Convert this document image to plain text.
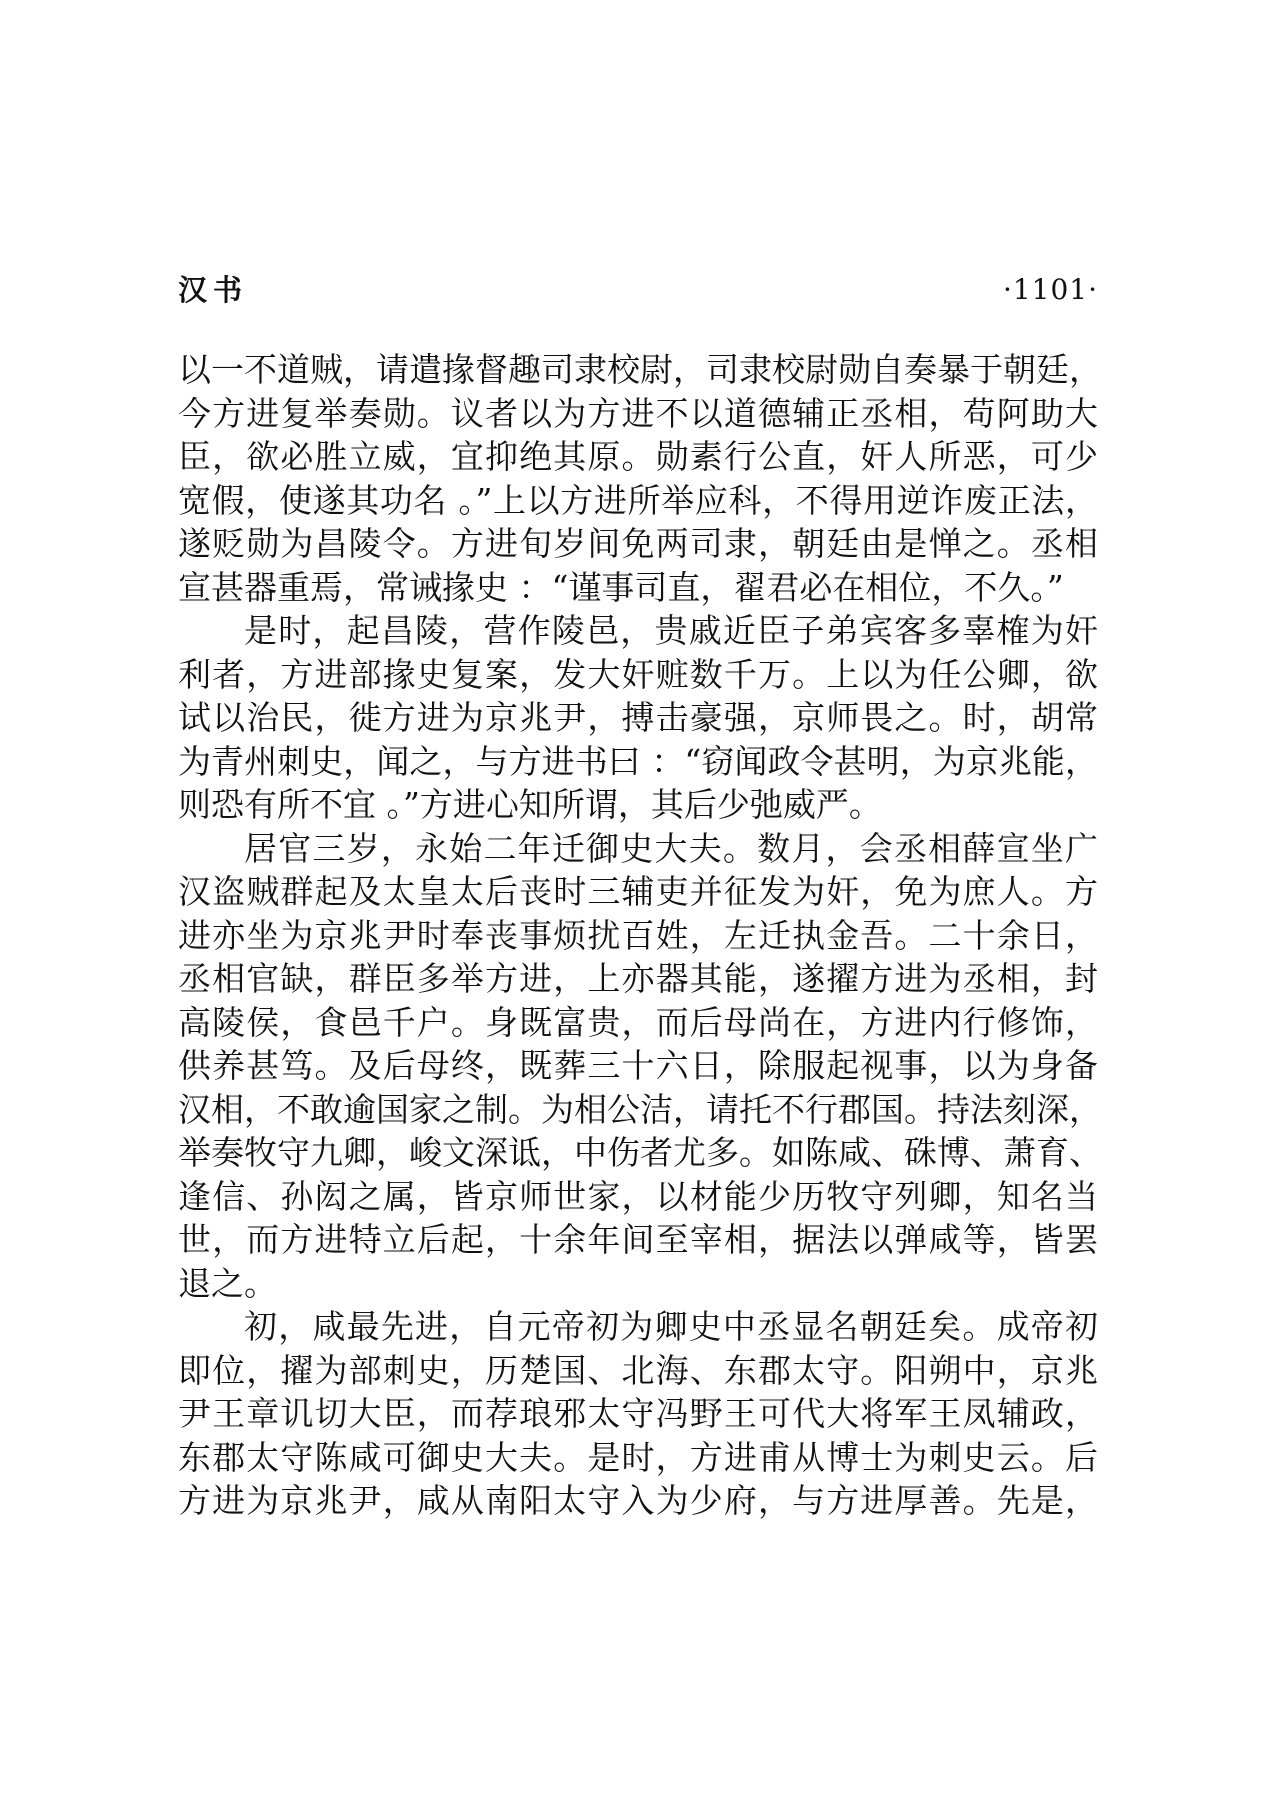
汉书	·1101·
以一不道贼，请遣掾督趣司隶校尉，司隶校尉勋自奏暴于朝廷，
今方进复举奏勋。议者以为方进不以道德辅正丞相，苟阿助大
臣，欲必胜立威，宜抑绝其原。勋素行公直，奸人所恶，可少
宽假，使遂其功名 。”上以方进所举应科，不得用逆诈废正法，
遂贬勋为昌陵令。方进旬岁间免两司隶，朝廷由是惮之。丞相
宣甚器重焉，常诫掾史 ：“谨事司直，翟君必在相位，不久。”
是时，起昌陵，营作陵邑，贵戚近臣子弟宾客多辜榷为奸
利者，方进部掾史复案，发大奸赃数千万。上以为任公卿，欲
试以治民，徙方进为京兆尹，搏击豪强，京师畏之。时，胡常
为青州刺史，闻之，与方进书曰 ：“窃闻政令甚明，为京兆能，
则恐有所不宜 。”方进心知所谓，其后少弛威严。
居官三岁，永始二年迁御史大夫。数月，会丞相薛宣坐广
汉盗贼群起及太皇太后丧时三辅吏并征发为奸，免为庶人。方
进亦坐为京兆尹时奉丧事烦扰百姓，左迁执金吾。二十余日，
丞相官缺，群臣多举方进，上亦器其能，遂擢方进为丞相，封
高陵侯，食邑千户。身既富贵，而后母尚在，方进内行修饰，
供养甚笃。及后母终，既葬三十六日，除服起视事，以为身备
汉相，不敢逾国家之制。为相公洁，请托不行郡国。持法刻深，
举奏牧守九卿，峻文深诋，中伤者尤多。如陈咸、硃博、萧育、
逢信、孙闳之属，皆京师世家，以材能少历牧守列卿，知名当
世，而方进特立后起，十余年间至宰相，据法以弹咸等，皆罢
退之。
初，咸最先进，自元帝初为卿史中丞显名朝廷矣。成帝初
即位，擢为部刺史，历楚国、北海、东郡太守。阳朔中，京兆
尹王章讥切大臣，而荐琅邪太守冯野王可代大将军王凤辅政，
东郡太守陈咸可御史大夫。是时，方进甫从博士为刺史云。后
方进为京兆尹，咸从南阳太守入为少府，与方进厚善。先是，
